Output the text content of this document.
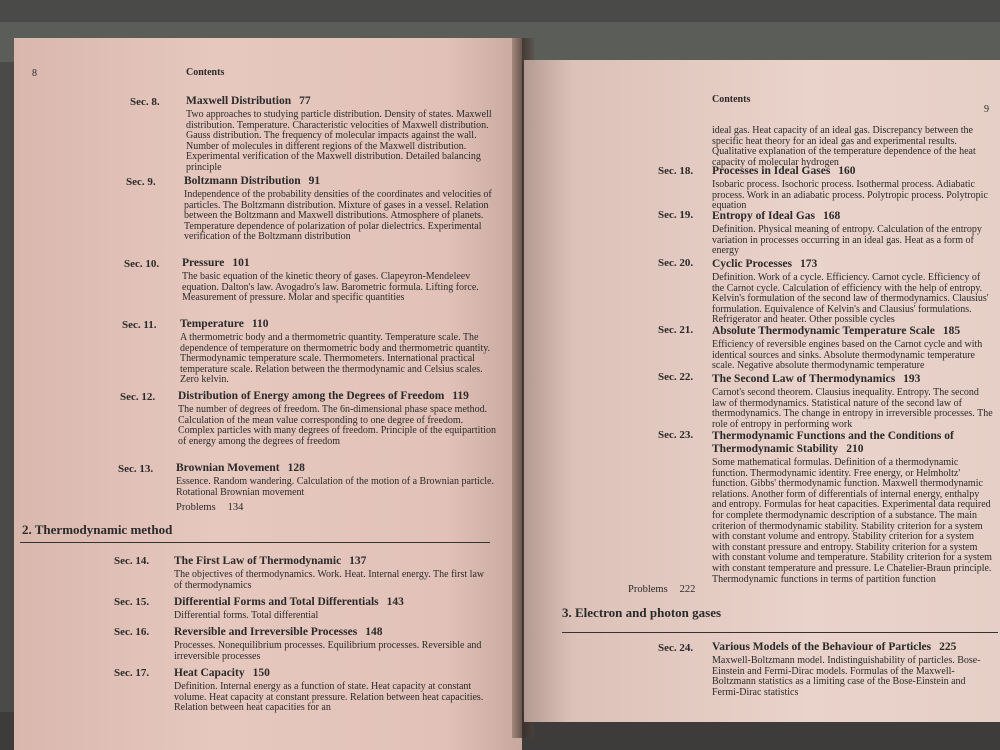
8	Contents
Sec. 8. Maxwell Distribution 77
Two approaches to studying particle distribution. Density of states. Maxwell distribution. Temperature. Characteristic velocities of Maxwell distribution. Gauss distribution. The frequency of molecular impacts against the wall. Number of molecules in different regions of the Maxwell distribution. Experimental verification of the Maxwell distribution. Detailed balancing principle
Sec. 9. Boltzmann Distribution 91
Independence of the probability densities of the coordinates and velocities of particles. The Boltzmann distribution. Mixture of gases in a vessel. Relation between the Boltzmann and Maxwell distributions. Atmosphere of planets. Temperature dependence of polarization of polar dielectrics. Experimental verification of the Boltzmann distribution
Sec. 10. Pressure 101
The basic equation of the kinetic theory of gases. Clapeyron-Mendeleev equation. Dalton's law. Avogadro's law. Barometric formula. Lifting force. Measurement of pressure. Molar and specific quantities
Sec. 11. Temperature 110
A thermometric body and a thermometric quantity. Temperature scale. The dependence of temperature on thermometric body and thermometric quantity. Thermodynamic temperature scale. Thermometers. International practical temperature scale. Relation between the thermodynamic and Celsius scales. Zero kelvin.
Sec. 12. Distribution of Energy among the Degrees of Freedom 119
The number of degrees of freedom. The 6n-dimensional phase space method. Calculation of the mean value corresponding to one degree of freedom. Complex particles with many degrees of freedom. Principle of the equipartition of energy among the degrees of freedom
Sec. 13. Brownian Movement 128
Essence. Random wandering. Calculation of the motion of a Brownian particle. Rotational Brownian movement
Problems 134
2. Thermodynamic method
Sec. 14. The First Law of Thermodynamic 137
The objectives of thermodynamics. Work. Heat. Internal energy. The first law of thermodynamics
Sec. 15. Differential Forms and Total Differentials 143
Differential forms. Total differential
Sec. 16. Reversible and Irreversible Processes 148
Processes. Nonequilibrium processes. Equilibrium processes. Reversible and irreversible processes
Sec. 17. Heat Capacity 150
Definition. Internal energy as a function of state. Heat capacity at constant volume. Heat capacity at constant pressure. Relation between heat capacities. Relation between heat capacities for an
Contents
9
ideal gas. Heat capacity of an ideal gas. Discrepancy between the specific heat theory for an ideal gas and experimental results. Qualitative explanation of the temperature dependence of the heat capacity of molecular hydrogen
Sec. 18. Processes in Ideal Gases 160
Isobaric process. Isochoric process. Isothermal process. Adiabatic process. Work in an adiabatic process. Polytropic process. Polytropic equation
Sec. 19. Entropy of Ideal Gas 168
Definition. Physical meaning of entropy. Calculation of the entropy variation in processes occurring in an ideal gas. Heat as a form of energy
Sec. 20. Cyclic Processes 173
Definition. Work of a cycle. Efficiency. Carnot cycle. Efficiency of the Carnot cycle. Calculation of efficiency with the help of entropy. Kelvin's formulation of the second law of thermodynamics. Clausius' formulation. Equivalence of Kelvin's and Clausius' formulations. Refrigerator and heater. Other possible cycles
Sec. 21. Absolute Thermodynamic Temperature Scale 185
Efficiency of reversible engines based on the Carnot cycle and with identical sources and sinks. Absolute thermodynamic temperature scale. Negative absolute thermodynamic temperature
Sec. 22. The Second Law of Thermodynamics 193
Carnot's second theorem. Clausius inequality. Entropy. The second law of thermodynamics. Statistical nature of the second law of thermodynamics. The change in entropy in irreversible processes. The role of entropy in performing work
Sec. 23. Thermodynamic Functions and the Conditions of Thermodynamic Stability 210
Some mathematical formulas. Definition of a thermodynamic function. Thermodynamic identity. Free energy, or Helmholtz' function. Gibbs' thermodynamic function. Maxwell thermodynamic relations. Another form of differentials of internal energy, enthalpy and entropy. Formulas for heat capacities. Experimental data required for complete thermodynamic description of a substance. The main criterion of thermodynamic stability. Stability criterion for a system with constant volume and entropy. Stability criterion for a system with constant pressure and entropy. Stability criterion for a system with constant volume and temperature. Stability criterion for a system with constant temperature and pressure. Le Chatelier-Braun principle. Thermodynamic functions in terms of partition function
Problems 222
3. Electron and photon gases
Sec. 24. Various Models of the Behaviour of Particles 225
Maxwell-Boltzmann model. Indistinguishability of particles. Bose-Einstein and Fermi-Dirac models. Formulas of the Maxwell-Boltzmann statistics as a limiting case of the Bose-Einstein and Fermi-Dirac statistics
